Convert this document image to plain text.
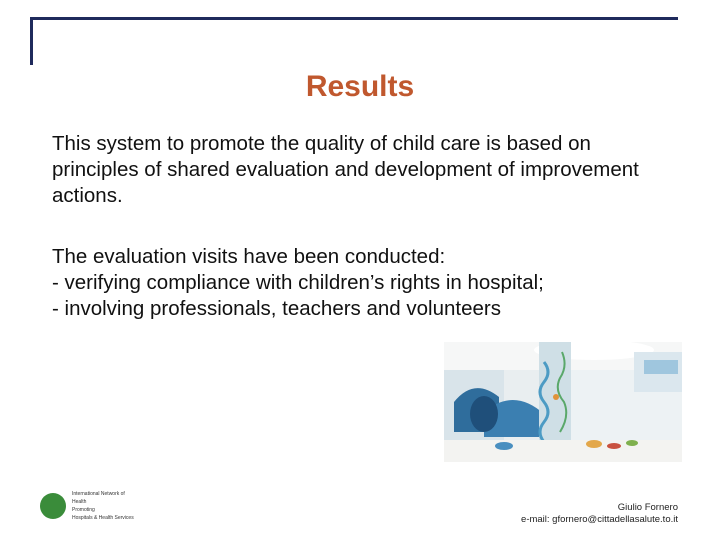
Results
This system to promote the quality of child care is based on principles of shared evaluation and development of improvement actions.
The evaluation visits have been conducted:
- verifying compliance with children’s rights in hospital;
- involving professionals, teachers and volunteers
International Network of
Health
Promoting
Hospitals & Health Services
Giulio Fornero
e-mail: gfornero@cittadellasalute.to.it
